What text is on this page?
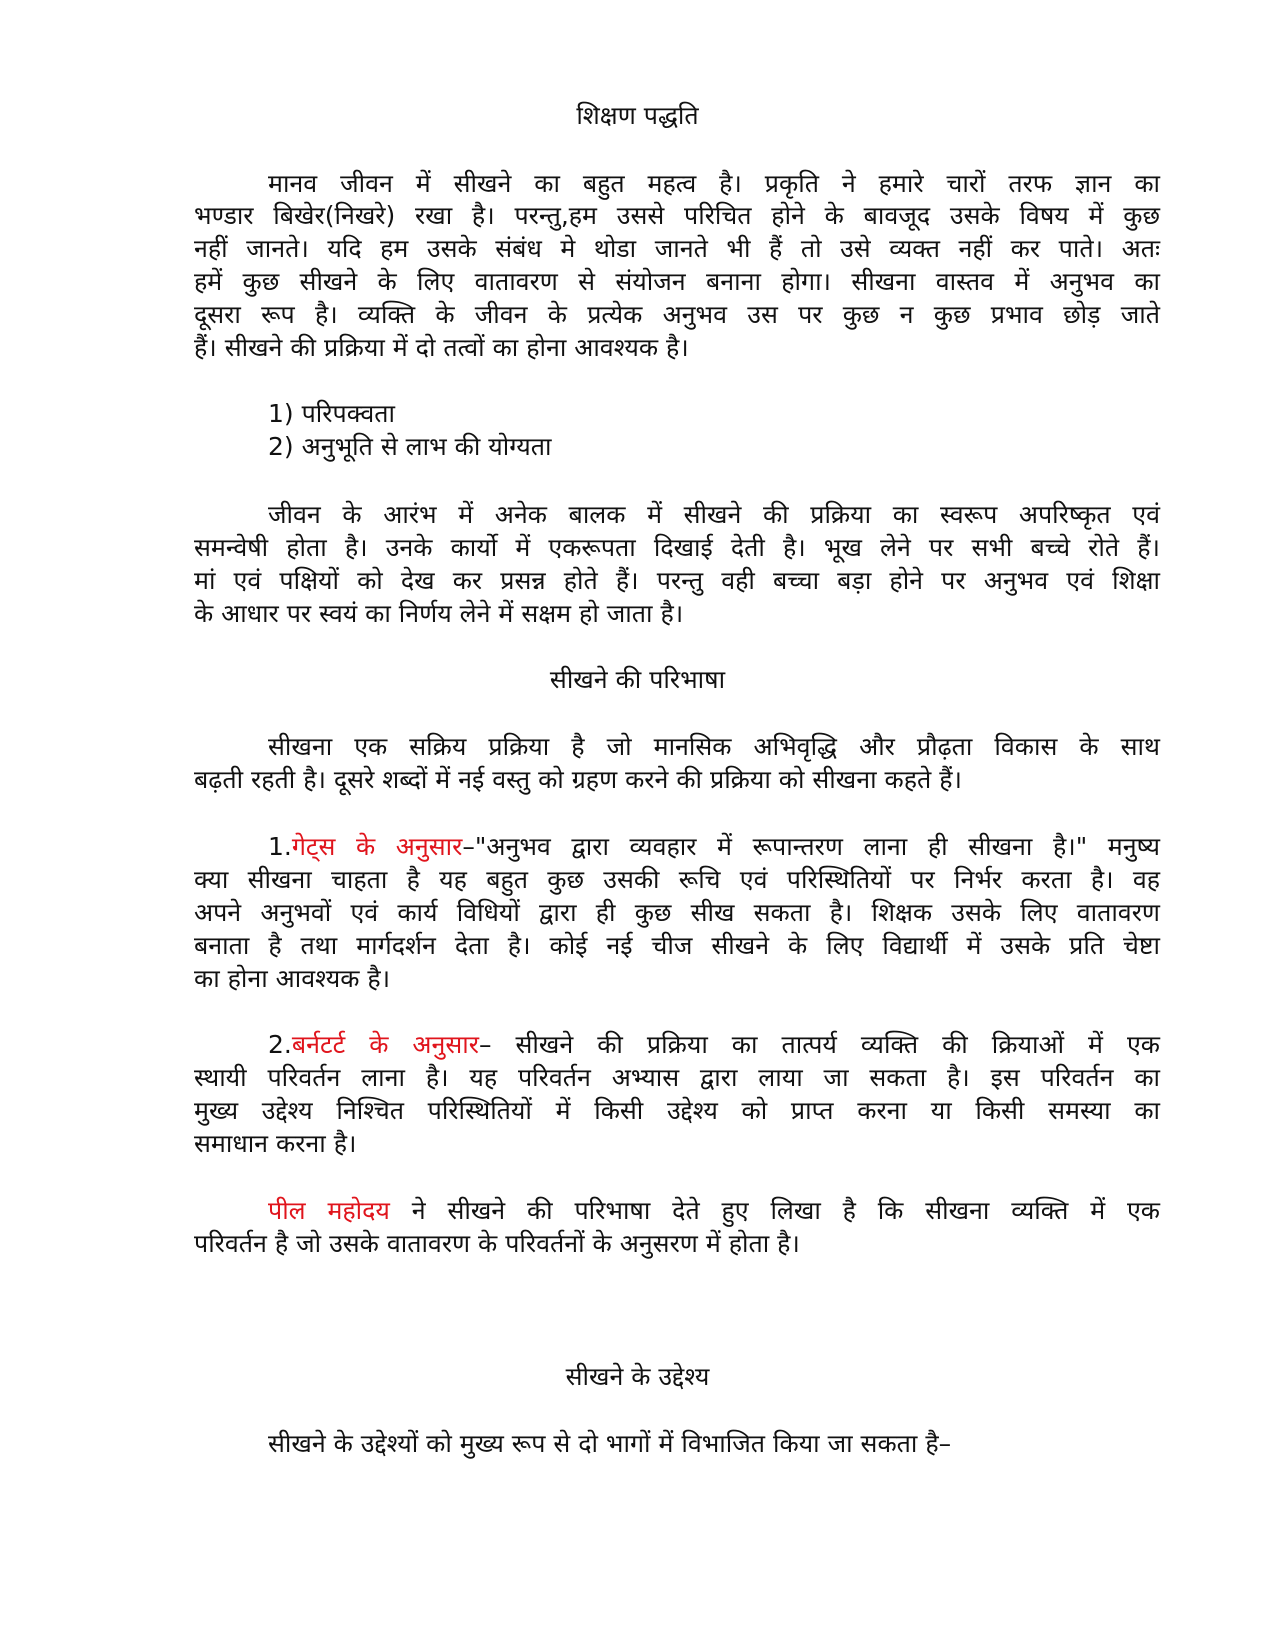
शिक्षण पद्धति
मानव जीवन में सीखने का बहुत महत्व है। प्रकृति ने हमारे चारों तरफ ज्ञान का
भण्डार बिखेर(निखरे) रखा है। परन्तु,हम उससे परिचित होने के बावजूद उसके विषय में कुछ
नहीं जानते। यदि हम उसके संबंध मे थोडा जानते भी हैं तो उसे व्यक्त नहीं कर पाते। अतः
हमें कुछ सीखने के लिए वातावरण से संयोजन बनाना होगा। सीखना वास्तव में अनुभव का
दूसरा रूप है। व्यक्ति के जीवन के प्रत्येक अनुभव उस पर कुछ न कुछ प्रभाव छोड़ जाते
हैं। सीखने की प्रक्रिया में दो तत्वों का होना आवश्यक है।
1) परिपक्वता
2) अनुभूति से लाभ की योग्यता
जीवन के आरंभ में अनेक बालक में सीखने की प्रक्रिया का स्वरूप अपरिष्कृत एवं
समन्वेषी होता है। उनके कार्यो में एकरूपता दिखाई देती है। भूख लेने पर सभी बच्चे रोते हैं।
मां एवं पक्षियों को देख कर प्रसन्न होते हैं। परन्तु वही बच्चा बड़ा होने पर अनुभव एवं शिक्षा
के आधार पर स्वयं का निर्णय लेने में सक्षम हो जाता है।
सीखने की परिभाषा
सीखना एक सक्रिय प्रक्रिया है जो मानसिक अभिवृद्धि और प्रौढ़ता विकास के साथ
बढ़ती रहती है। दूसरे शब्दों में नई वस्तु को ग्रहण करने की प्रक्रिया को सीखना कहते हैं।
1.गेट्स के अनुसार–"अनुभव द्वारा व्यवहार में रूपान्तरण लाना ही सीखना है।" मनुष्य
क्या सीखना चाहता है यह बहुत कुछ उसकी रूचि एवं परिस्थितियों पर निर्भर करता है। वह
अपने अनुभवों एवं कार्य विधियों द्वारा ही कुछ सीख सकता है। शिक्षक उसके लिए वातावरण
बनाता है तथा मार्गदर्शन देता है। कोई नई चीज सीखने के लिए विद्यार्थी में उसके प्रति चेष्टा
का होना आवश्यक है।
2.बर्नटर्ट के अनुसार– सीखने की प्रक्रिया का तात्पर्य व्यक्ति की क्रियाओं में एक
स्थायी परिवर्तन लाना है। यह परिवर्तन अभ्यास द्वारा लाया जा सकता है। इस परिवर्तन का
मुख्य उद्देश्य निश्चित परिस्थितियों में किसी उद्देश्य को प्राप्त करना या किसी समस्या का
समाधान करना है।
पील महोदय ने सीखने की परिभाषा देते हुए लिखा है कि सीखना व्यक्ति में एक
परिवर्तन है जो उसके वातावरण के परिवर्तनों के अनुसरण में होता है।
सीखने के उद्देश्य
सीखने के उद्देश्यों को मुख्य रूप से दो भागों में विभाजित किया जा सकता है–
